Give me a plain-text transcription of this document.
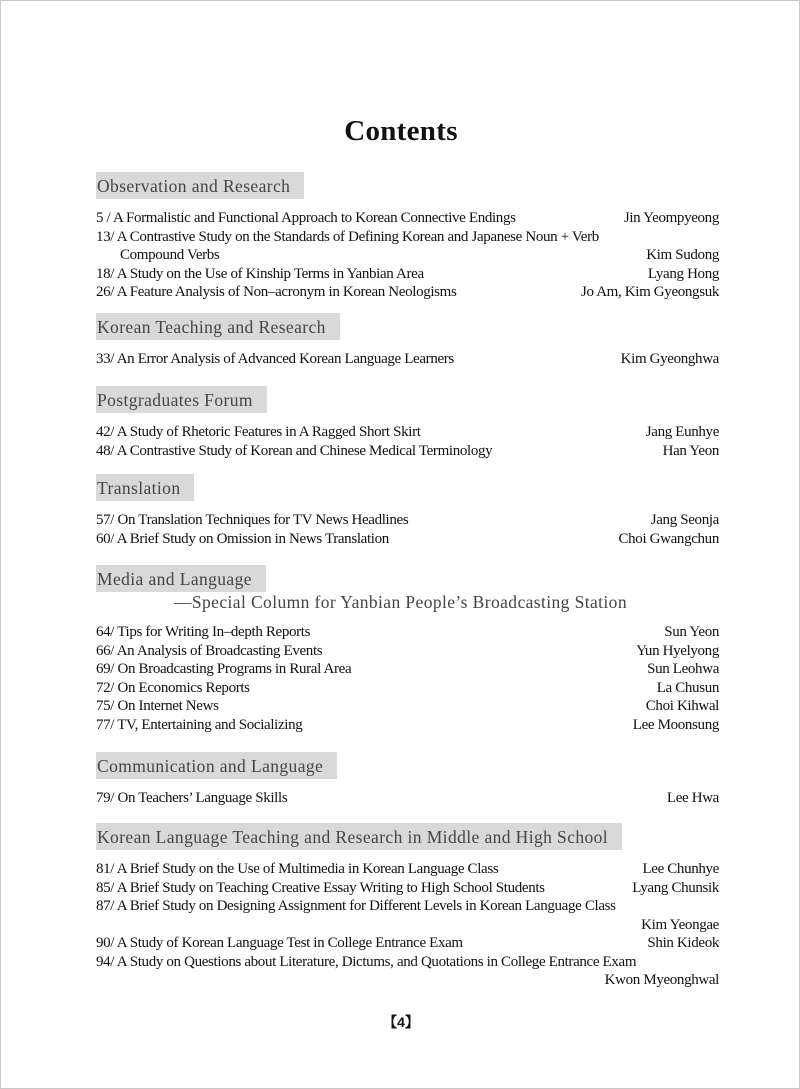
Contents
Observation and Research
5 / A Formalistic and Functional Approach to Korean Connective Endings	Jin Yeompyeong
13/ A Contrastive Study on the Standards of Defining Korean and Japanese Noun + Verb
Compound Verbs	Kim Sudong
18/ A Study on the Use of Kinship Terms in Yanbian Area	Lyang Hong
26/ A Feature Analysis of Non–acronym in Korean Neologisms	Jo Am, Kim Gyeongsuk
Korean Teaching and Research
33/ An Error Analysis of Advanced Korean Language Learners	Kim Gyeonghwa
Postgraduates Forum
42/ A Study of Rhetoric Features in A Ragged Short Skirt	Jang Eunhye
48/ A Contrastive Study of Korean and Chinese Medical Terminology	Han Yeon
Translation
57/ On Translation Techniques for TV News Headlines	Jang Seonja
60/ A Brief Study on Omission in News Translation	Choi Gwangchun
Media and Language
—Special Column for Yanbian People’s Broadcasting Station
64/ Tips for Writing In–depth Reports	Sun Yeon
66/ An Analysis of Broadcasting Events	Yun Hyelyong
69/ On Broadcasting Programs in Rural Area	Sun Leohwa
72/ On Economics Reports	La Chusun
75/ On Internet News	Choi Kihwal
77/ TV, Entertaining and Socializing	Lee Moonsung
Communication and Language
79/ On Teachers’ Language Skills	Lee Hwa
Korean Language Teaching and Research in Middle and High School
81/ A Brief Study on the Use of Multimedia in Korean Language Class	Lee Chunhye
85/ A Brief Study on Teaching Creative Essay Writing to High School Students	Lyang Chunsik
87/ A Brief Study on Designing Assignment for Different Levels in Korean Language Class
Kim Yeongae
90/ A Study of Korean Language Test in College Entrance Exam	Shin Kideok
94/ A Study on Questions about Literature, Dictums, and Quotations in College Entrance Exam
Kwon Myeonghwal
【4】
